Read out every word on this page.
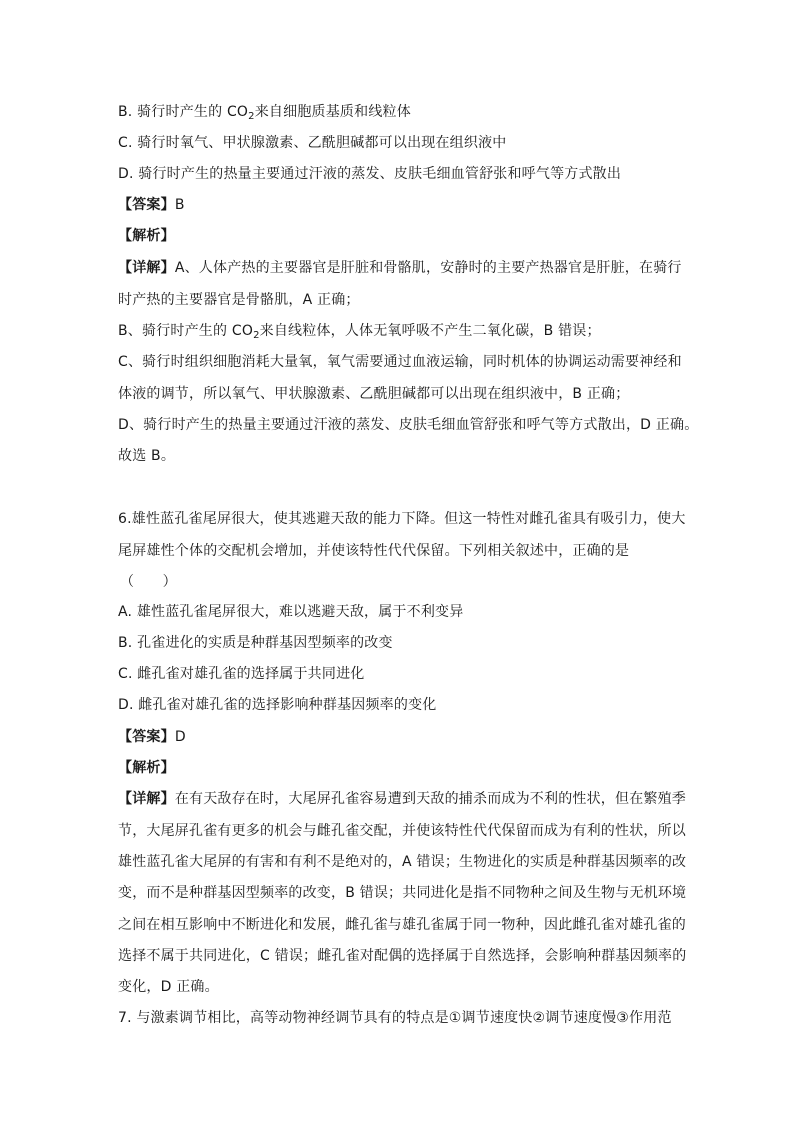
B. 骑行时产生的 $CO_2$来自细胞质基质和线粒体
C. 骑行时氧气、甲状腺激素、乙酰胆碱都可以出现在组织液中
D. 骑行时产生的热量主要通过汗液的蒸发、皮肤毛细血管舒张和呼气等方式散出
【答案】B
【解析】
【详解】A、人体产热的主要器官是肝脏和骨骼肌，安静时的主要产热器官是肝脏，在骑行
时产热的主要器官是骨骼肌，A 正确；
B、骑行时产生的 $CO_2$来自线粒体，人体无氧呼吸不产生二氧化碳，B 错误；
C、骑行时组织细胞消耗大量氧，氧气需要通过血液运输，同时机体的协调运动需要神经和
体液的调节，所以氧气、甲状腺激素、乙酰胆碱都可以出现在组织液中，B 正确；
D、骑行时产生的热量主要通过汗液的蒸发、皮肤毛细血管舒张和呼气等方式散出，D 正确。
故选 B。
6.雄性蓝孔雀尾屏很大，使其逃避天敌的能力下降。但这一特性对雌孔雀具有吸引力，使大
尾屏雄性个体的交配机会增加，并使该特性代代保留。下列相关叙述中，正确的是
（　　）
A. 雄性蓝孔雀尾屏很大，难以逃避天敌，属于不利变异
B. 孔雀进化的实质是种群基因型频率的改变
C. 雌孔雀对雄孔雀的选择属于共同进化
D. 雌孔雀对雄孔雀的选择影响种群基因频率的变化
【答案】D
【解析】
【详解】在有天敌存在时，大尾屏孔雀容易遭到天敌的捕杀而成为不利的性状，但在繁殖季
节，大尾屏孔雀有更多的机会与雌孔雀交配，并使该特性代代保留而成为有利的性状，所以
雄性蓝孔雀大尾屏的有害和有利不是绝对的，A 错误；生物进化的实质是种群基因频率的改
变，而不是种群基因型频率的改变，B 错误；共同进化是指不同物种之间及生物与无机环境
之间在相互影响中不断进化和发展，雌孔雀与雄孔雀属于同一物种，因此雌孔雀对雄孔雀的
选择不属于共同进化，C 错误；雌孔雀对配偶的选择属于自然选择，会影响种群基因频率的
变化，D 正确。
7. 与激素调节相比，高等动物神经调节具有的特点是①调节速度快②调节速度慢③作用范
